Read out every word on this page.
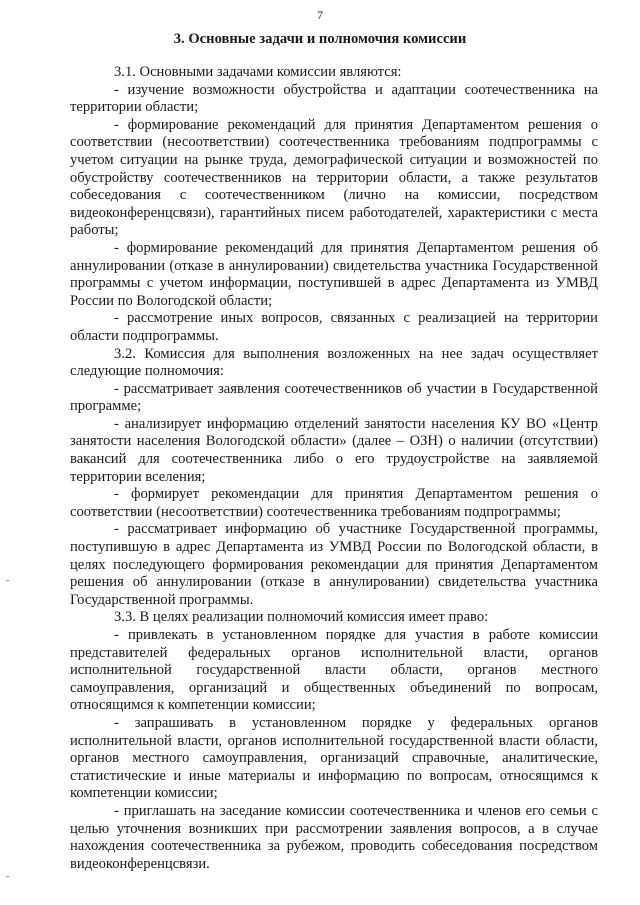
7
3. Основные задачи и полномочия комиссии

3.1. Основными задачами комиссии являются:

- изучение возможности обустройства и адаптации соотечественника на территории области;

- формирование рекомендаций для принятия Департаментом решения о соответствии (несоответствии) соотечественника требованиям подпрограммы с учетом ситуации на рынке труда, демографической ситуации и возможностей по обустройству соотечественников на территории области, а также результатов собеседования с соотечественником (лично на комиссии, посредством видеоконференцсвязи), гарантийных писем работодателей, характеристики с места работы;

- формирование рекомендаций для принятия Департаментом решения об аннулировании (отказе в аннулировании) свидетельства участника Государственной программы с учетом информации, поступившей в адрес Департамента из УМВД России по Вологодской области;

- рассмотрение иных вопросов, связанных с реализацией на территории области подпрограммы.

3.2. Комиссия для выполнения возложенных на нее задач осуществляет следующие полномочия:

- рассматривает заявления соотечественников об участии в Государственной программе;

- анализирует информацию отделений занятости населения КУ ВО «Центр занятости населения Вологодской области» (далее – ОЗН) о наличии (отсутствии) вакансий для соотечественника либо о его трудоустройстве на заявляемой территории вселения;

- формирует рекомендации для принятия Департаментом решения о соответствии (несоответствии) соотечественника требованиям подпрограммы;

- рассматривает информацию об участнике Государственной программы, поступившую в адрес Департамента из УМВД России по Вологодской области, в целях последующего формирования рекомендации для принятия Департаментом решения об аннулировании (отказе в аннулировании) свидетельства участника Государственной программы.

3.3. В целях реализации полномочий комиссия имеет право:

- привлекать в установленном порядке для участия в работе комиссии представителей федеральных органов исполнительной власти, органов исполнительной государственной власти области, органов местного самоуправления, организаций и общественных объединений по вопросам, относящимся к компетенции комиссии;

- запрашивать в установленном порядке у федеральных органов исполнительной власти, органов исполнительной государственной власти области, органов местного самоуправления, организаций справочные, аналитические, статистические и иные материалы и информацию по вопросам, относящимся к компетенции комиссии;

- приглашать на заседание комиссии соотечественника и членов его семьи с целью уточнения возникших при рассмотрении заявления вопросов, а в случае нахождения соотечественника за рубежом, проводить собеседования посредством видеоконференцсвязи.
